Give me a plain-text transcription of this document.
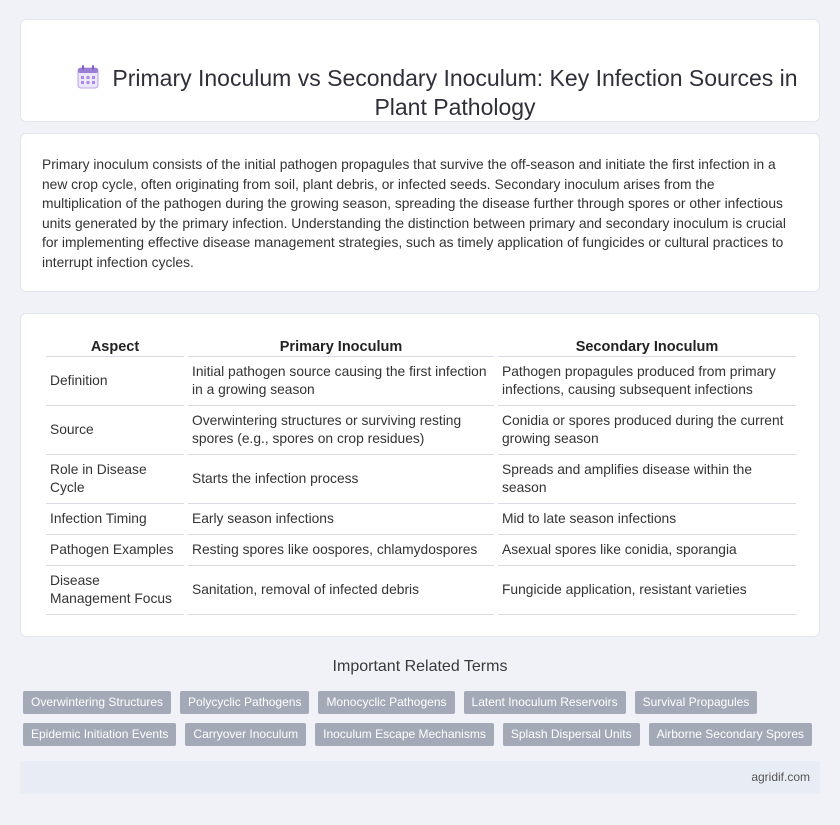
Primary Inoculum vs Secondary Inoculum: Key Infection Sources in Plant Pathology

Primary inoculum consists of the initial pathogen propagules that survive the off-season and initiate the first infection in a new crop cycle, often originating from soil, plant debris, or infected seeds. Secondary inoculum arises from the multiplication of the pathogen during the growing season, spreading the disease further through spores or other infectious units generated by the primary infection. Understanding the distinction between primary and secondary inoculum is crucial for implementing effective disease management strategies, such as timely application of fungicides or cultural practices to interrupt infection cycles.

Aspect	Primary Inoculum	Secondary Inoculum
Definition	Initial pathogen source causing the first infection in a growing season	Pathogen propagules produced from primary infections, causing subsequent infections
Source	Overwintering structures or surviving resting spores (e.g., spores on crop residues)	Conidia or spores produced during the current growing season
Role in Disease Cycle	Starts the infection process	Spreads and amplifies disease within the season
Infection Timing	Early season infections	Mid to late season infections
Pathogen Examples	Resting spores like oospores, chlamydospores	Asexual spores like conidia, sporangia
Disease Management Focus	Sanitation, removal of infected debris	Fungicide application, resistant varieties
Important Related Terms
Overwintering Structures	Polycyclic Pathogens	Monocyclic Pathogens	Latent Inoculum Reservoirs	Survival Propagules
Epidemic Initiation Events	Carryover Inoculum	Inoculum Escape Mechanisms	Splash Dispersal Units	Airborne Secondary Spores
agridif.com
